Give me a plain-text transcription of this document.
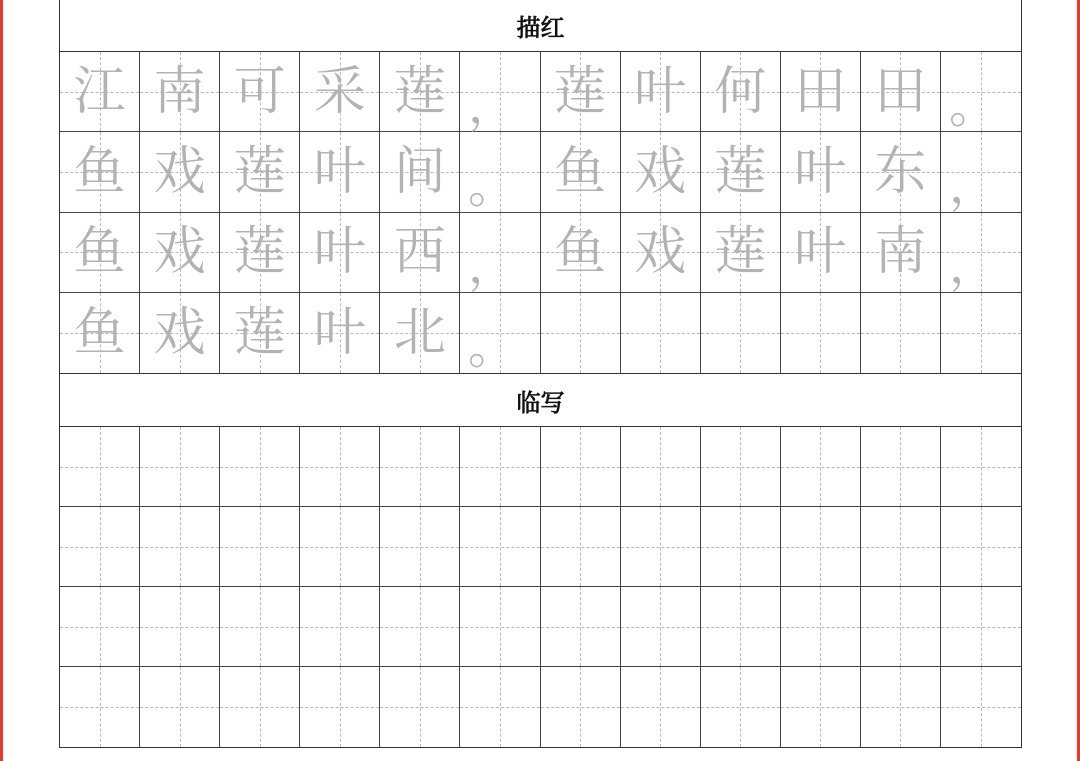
描红
江 南 可 采 莲 ， 莲 叶 何 田 田 。
鱼 戏 莲 叶 间 。 鱼 戏 莲 叶 东 ，
鱼 戏 莲 叶 西 ， 鱼 戏 莲 叶 南 ，
鱼 戏 莲 叶 北 。
临写
